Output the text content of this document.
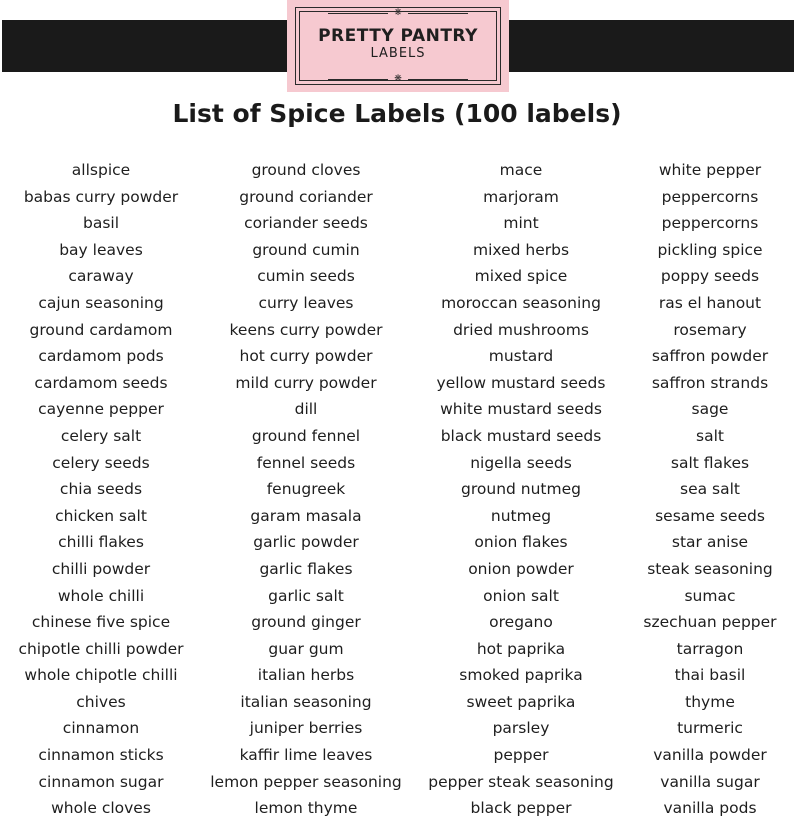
❋
PRETTY PANTRY
LABELS
❋
List of Spice Labels (100 labels)
allspice
babas curry powder
basil
bay leaves
caraway
cajun seasoning
ground cardamom
cardamom pods
cardamom seeds
cayenne pepper
celery salt
celery seeds
chia seeds
chicken salt
chilli flakes
chilli powder
whole chilli
chinese five spice
chipotle chilli powder
whole chipotle chilli
chives
cinnamon
cinnamon sticks
cinnamon sugar
whole cloves
ground cloves
ground coriander
coriander seeds
ground cumin
cumin seeds
curry leaves
keens curry powder
hot curry powder
mild curry powder
dill
ground fennel
fennel seeds
fenugreek
garam masala
garlic powder
garlic flakes
garlic salt
ground ginger
guar gum
italian herbs
italian seasoning
juniper berries
kaffir lime leaves
lemon pepper seasoning
lemon thyme
mace
marjoram
mint
mixed herbs
mixed spice
moroccan seasoning
dried mushrooms
mustard
yellow mustard seeds
white mustard seeds
black mustard seeds
nigella seeds
ground nutmeg
nutmeg
onion flakes
onion powder
onion salt
oregano
hot paprika
smoked paprika
sweet paprika
parsley
pepper
pepper steak seasoning
black pepper
white pepper
peppercorns
peppercorns
pickling spice
poppy seeds
ras el hanout
rosemary
saffron powder
saffron strands
sage
salt
salt flakes
sea salt
sesame seeds
star anise
steak seasoning
sumac
szechuan pepper
tarragon
thai basil
thyme
turmeric
vanilla powder
vanilla sugar
vanilla pods
